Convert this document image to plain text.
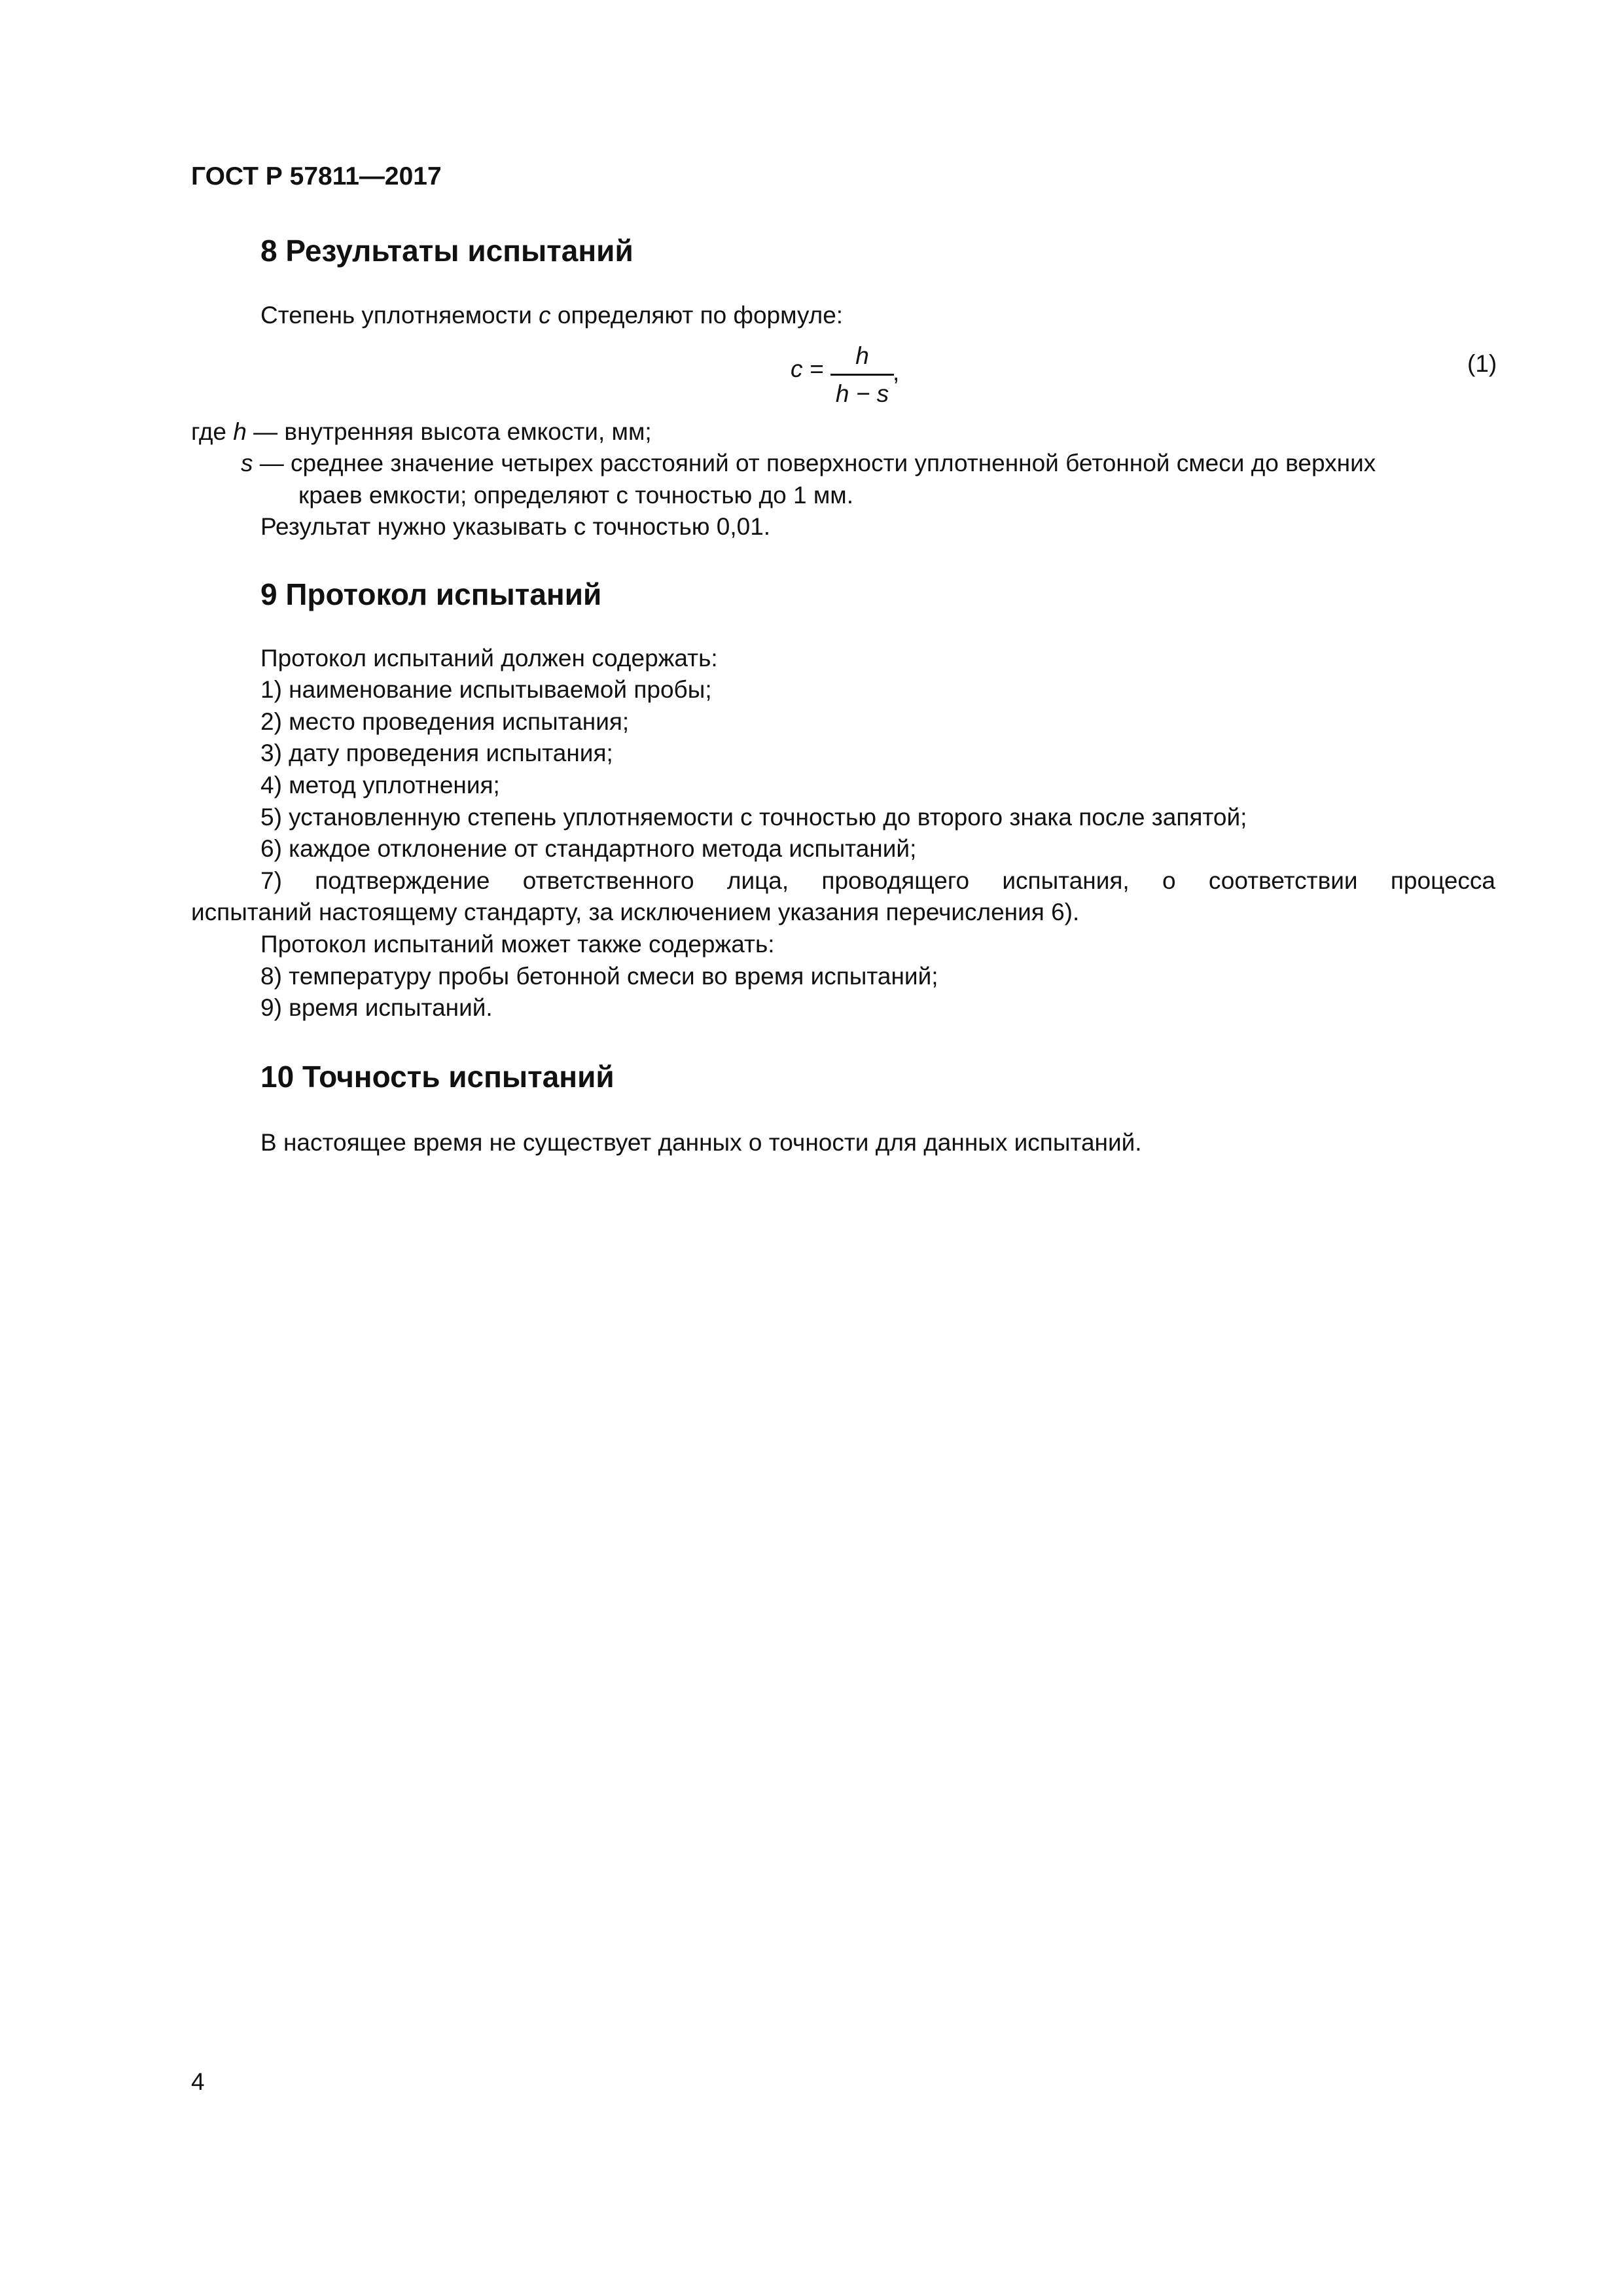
ГОСТ Р 57811—2017
8 Результаты испытаний
Степень уплотняемости c определяют по формуле:
c =	h
h − s
,	(1)
где h — внутренняя высота емкости, мм;
s — среднее значение четырех расстояний от поверхности уплотненной бетонной смеси до верхних
краев емкости; определяют с точностью до 1 мм.
Результат нужно указывать с точностью 0,01.
9 Протокол испытаний
Протокол испытаний должен содержать:
1) наименование испытываемой пробы;
2) место проведения испытания;
3) дату проведения испытания;
4) метод уплотнения;
5) установленную степень уплотняемости с точностью до второго знака после запятой;
6) каждое отклонение от стандартного метода испытаний;
7) подтверждение ответственного лица, проводящего испытания, о соответствии процесса
испытаний настоящему стандарту, за исключением указания перечисления 6).
Протокол испытаний может также содержать:
8) температуру пробы бетонной смеси во время испытаний;
9) время испытаний.
10 Точность испытаний
В настоящее время не существует данных о точности для данных испытаний.
4
